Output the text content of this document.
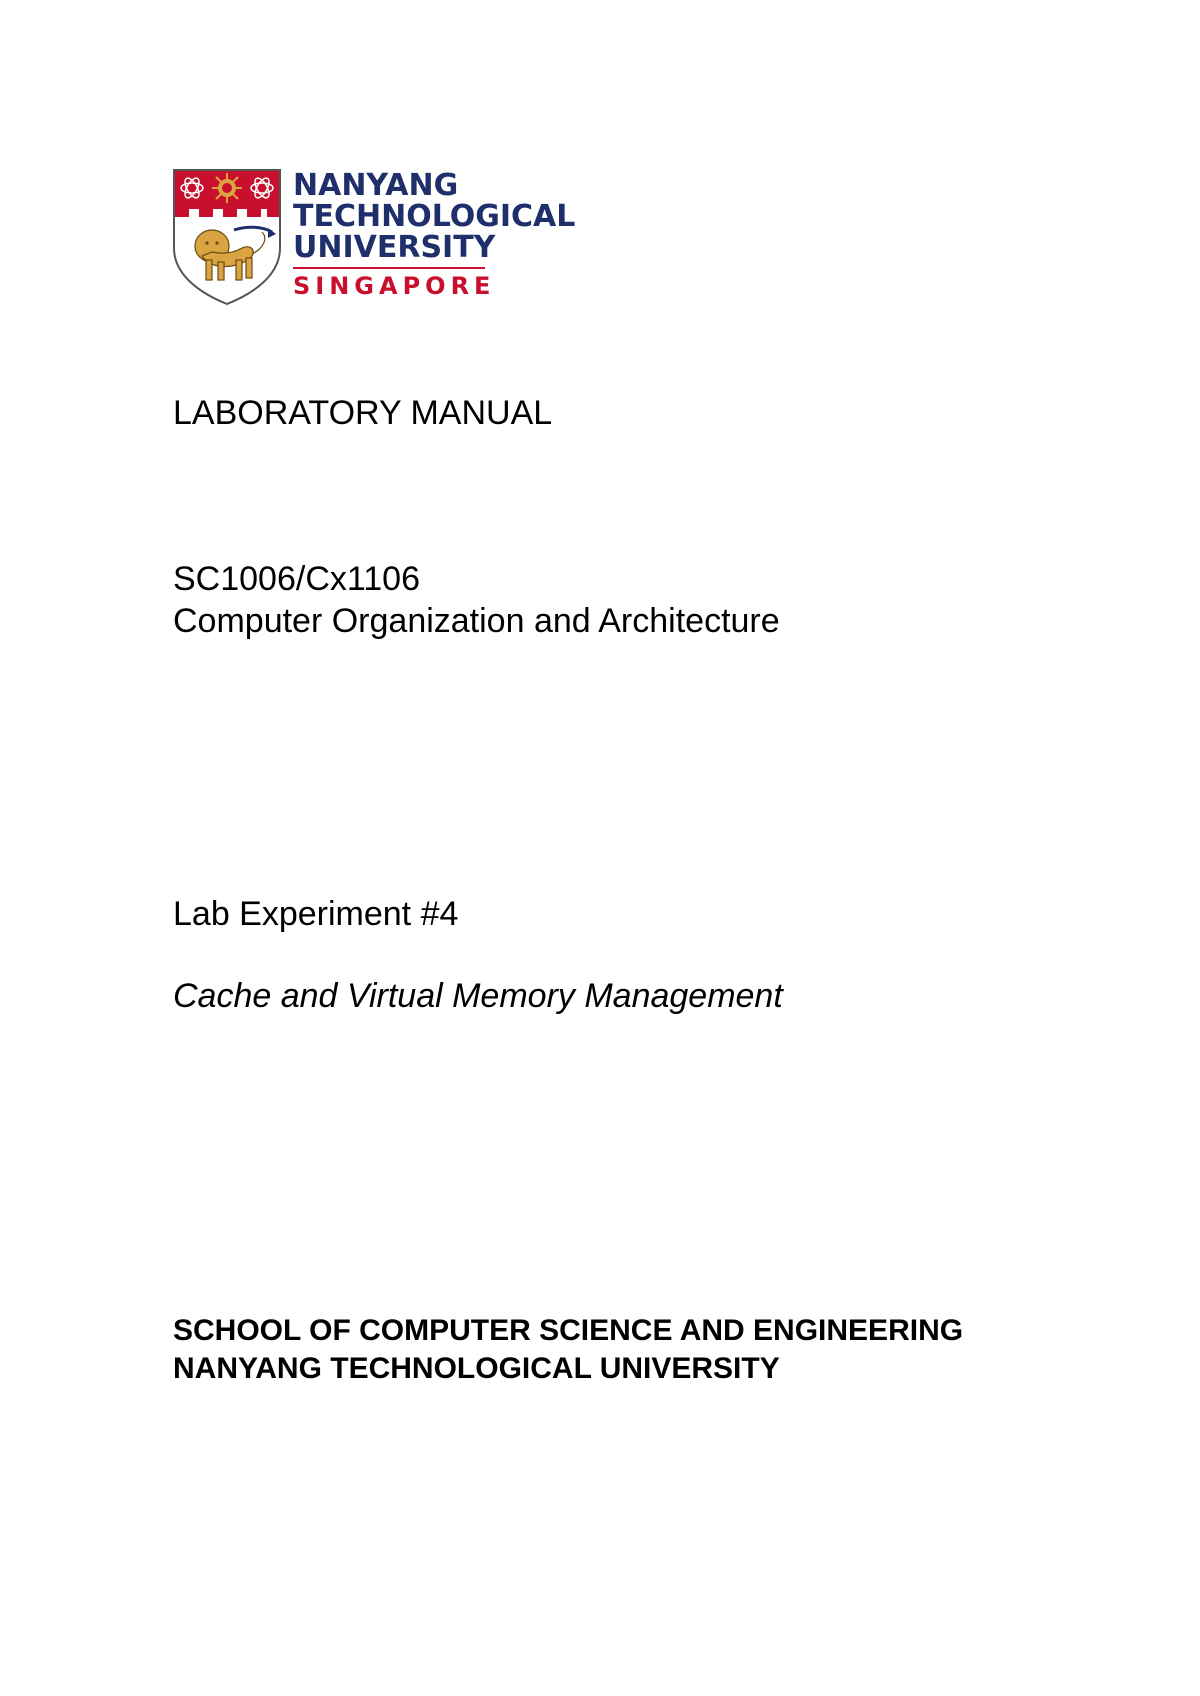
NANYANG
TECHNOLOGICAL
UNIVERSITY
SINGAPORE
LABORATORY MANUAL
SC1006/Cx1106
Computer Organization and Architecture
Lab Experiment #4
Cache and Virtual Memory Management
SCHOOL OF COMPUTER SCIENCE AND ENGINEERING
NANYANG TECHNOLOGICAL UNIVERSITY
